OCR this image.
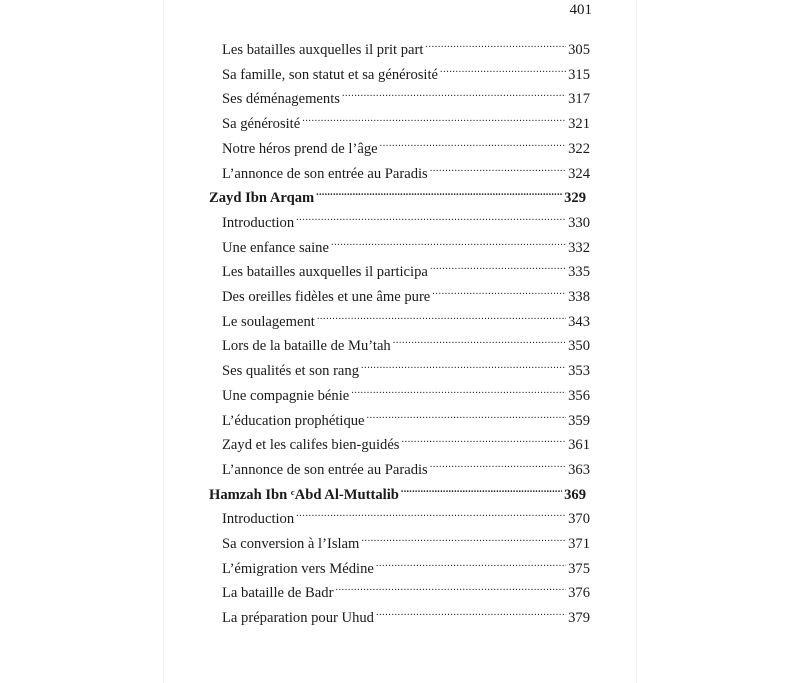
401
Les batailles auxquelles il prit part .....	305
Sa famille, son statut et sa générosité .....	315
Ses déménagements .....	317
Sa générosité .....	321
Notre héros prend de l’âge .....	322
L’annonce de son entrée au Paradis .....	324
Zayd Ibn Arqam .....	329
Introduction .....	330
Une enfance saine .....	332
Les batailles auxquelles il participa .....	335
Des oreilles fidèles et une âme pure .....	338
Le soulagement .....	343
Lors de la bataille de Mu’tah .....	350
Ses qualités et son rang .....	353
Une compagnie bénie .....	356
L’éducation prophétique .....	359
Zayd et les califes bien-guidés .....	361
L’annonce de son entrée au Paradis .....	363
Hamzah Ibn ᶜAbd Al-Muttalib .....	369
Introduction .....	370
Sa conversion à l’Islam .....	371
L’émigration vers Médine .....	375
La bataille de Badr .....	376
La préparation pour Uhud .....	379
